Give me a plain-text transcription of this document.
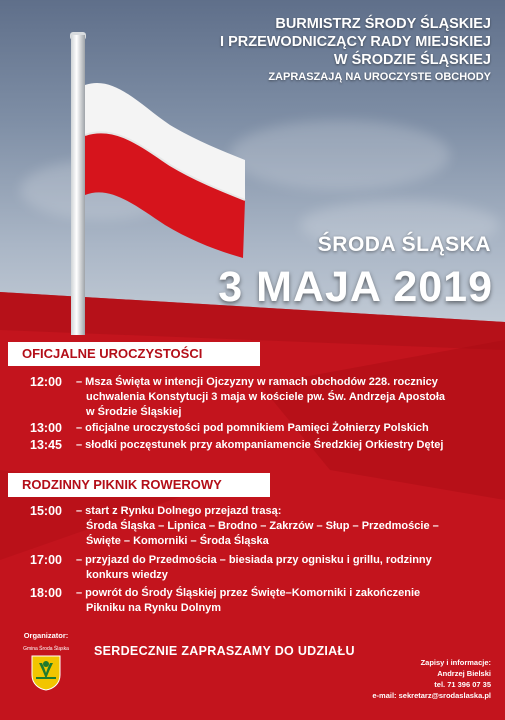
BURMISTRZ ŚRODY ŚLĄSKIEJ
I PRZEWODNICZĄCY RADY MIEJSKIEJ
W ŚRODZIE ŚLĄSKIEJ
ZAPRASZAJĄ NA UROCZYSTE OBCHODY
ŚRODA ŚLĄSKA
3 MAJA 2019
OFICJALNE UROCZYSTOŚCI
12:00 – Msza Święta w intencji Ojczyzny w ramach obchodów 228. rocznicy
uchwalenia Konstytucji 3 maja w kościele pw. Św. Andrzeja Apostoła
w Środzie Śląskiej
13:00 – oficjalne uroczystości pod pomnikiem Pamięci Żołnierzy Polskich
13:45 – słodki poczęstunek przy akompaniamencie Średzkiej Orkiestry Dętej
RODZINNY PIKNIK ROWEROWY
15:00 – start z Rynku Dolnego przejazd trasą:
Środa Śląska – Lipnica – Brodno – Zakrzów – Słup – Przedmoście –
Święte – Komorniki – Środa Śląska
17:00 – przyjazd do Przedmościa – biesiada przy ognisku i grillu, rodzinny
konkurs wiedzy
18:00 – powrót do Środy Śląskiej przez Święte–Komorniki i zakończenie
Pikniku na Rynku Dolnym
SERDECZNIE ZAPRASZAMY DO UDZIAŁU
Organizator:
Gmina Środa Śląska
Zapisy i informacje:
Andrzej Bielski
tel. 71 396 07 35
e-mail: sekretarz@srodaslaska.pl
